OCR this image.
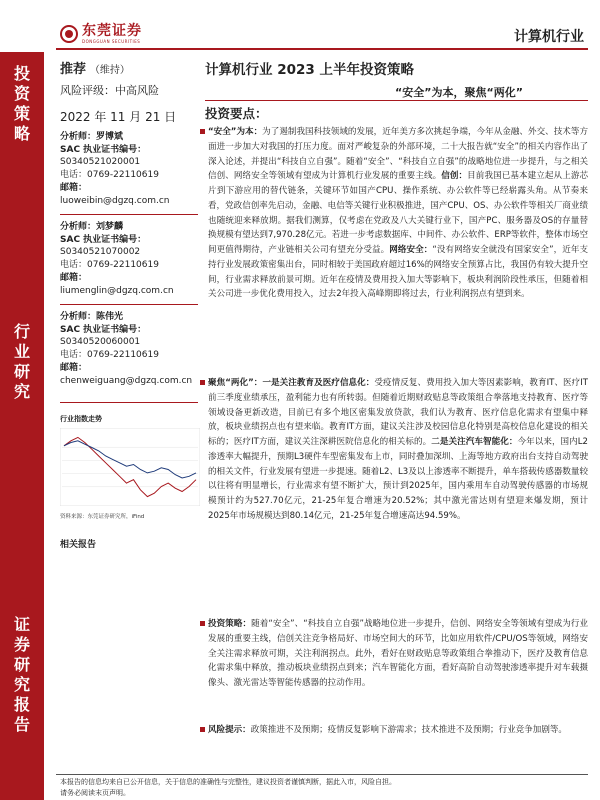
东莞证券
DONGGUAN SECURITIES	计算机行业
投
资
策
略
行
业
研
究
证
券
研
究
报
告
推荐 （维持）
风险评级：中高风险
2022 年 11 月 21 日
计算机行业 2023 上半年投资策略
“安全”为本，聚焦“两化”
投资要点：
分析师：罗博斌
SAC 执业证书编号：
S0340521020001
电话：0769-22110619
邮箱：
luoweibin@dgzq.com.cn
分析师：刘梦麟
SAC 执业证书编号：
S0340521070002
电话：0769-22110619
邮箱：
liumenglin@dgzq.com.cn
分析师：陈伟光
SAC 执业证书编号：
S0340520060001
电话：0769-22110619
邮箱：
chenweiguang@dgzq.com.cn
行业指数走势
资料来源：东莞证券研究所，iFind
相关报告
“安全”为本：为了遏制我国科技领域的发展，近年美方多次挑起争端，今年从金融、外交、技术等方面进一步加大对我国的打压力度。面对严峻复杂的外部环境，二十大报告就“安全”的相关内容作出了深入论述，并提出“科技自立自强”。随着“安全”、“科技自立自强”的战略地位进一步提升，与之相关信创、网络安全等领域有望成为计算机行业发展的重要主线。信创：目前我国已基本建立起从上游芯片到下游应用的替代链条，关键环节如国产CPU、操作系统、办公软件等已经崭露头角。从节奏来看，党政信创率先启动，金融、电信等关键行业积极推进，国产CPU、OS、办公软件等相关厂商业绩也随统迎来释放期。据我们测算，仅考虑在党政及八大关键行业下，国产PC、服务器及OS的存量替换规模有望达到7,970.28亿元。若进一步考虑数据库、中间件、办公软件、ERP等软件，整体市场空间更值得期待，产业链相关公司有望充分受益。网络安全：“没有网络安全就没有国家安全”，近年支持行业发展政策密集出台，同时相较于美国政府超过16%的网络安全预算占比，我国仍有较大提升空间，行业需求释放前景可期。近年在疫情及费用投入加大等影响下，板块利润阶段性承压，但随着相关公司进一步优化费用投入，过去2年投入高峰期即将过去，行业利润拐点有望到来。
聚焦“两化”：一是关注教育及医疗信息化：受疫情反复、费用投入加大等因素影响，教育IT、医疗IT前三季度业绩承压，盈利能力也有所转弱。但随着近期财政贴息等政策组合拳落地支持教育、医疗等领域设备更新改造，目前已有多个地区密集发放贷款，我们认为教育、医疗信息化需求有望集中释放，板块业绩拐点也有望来临。教育IT方面，建议关注涉及校园信息化特别是高校信息化建设的相关标的；医疗IT方面，建议关注深耕医院信息化的相关标的。二是关注汽车智能化：今年以来，国内L2渗透率大幅提升，预期L3硬件车型密集发布上市，同时叠加深圳、上海等地方政府出台支持自动驾驶的相关文件，行业发展有望进一步提速。随着L2、L3及以上渗透率不断提升，单车搭载传感器数量较以往将有明显增长，行业需求有望不断扩大，预计到2025年，国内乘用车自动驾驶传感器的市场规模预计约为527.70亿元，21-25年复合增速为20.52%；其中激光雷达则有望迎来爆发期，预计2025年市场规模达到80.14亿元，21-25年复合增速高达94.59%。
投资策略：随着“安全”、“科技自立自强”战略地位进一步提升，信创、网络安全等领域有望成为行业发展的重要主线，信创关注竞争格局好、市场空间大的环节，比如应用软件/CPU/OS等领域，网络安全关注需求释放可期，关注利润拐点。此外，看好在财政贴息等政策组合拳推动下，医疗及教育信息化需求集中释放，推动板块业绩拐点到来；汽车智能化方面，看好高阶自动驾驶渗透率提升对车载摄像头、激光雷达等智能传感器的拉动作用。
风险提示：政策推进不及预期；疫情反复影响下游需求；技术推进不及预期；行业竞争加剧等。
本报告的信息均来自已公开信息，关于信息的准确性与完整性，建议投资者谨慎判断，据此入市，风险自担。
请务必阅读末页声明。
